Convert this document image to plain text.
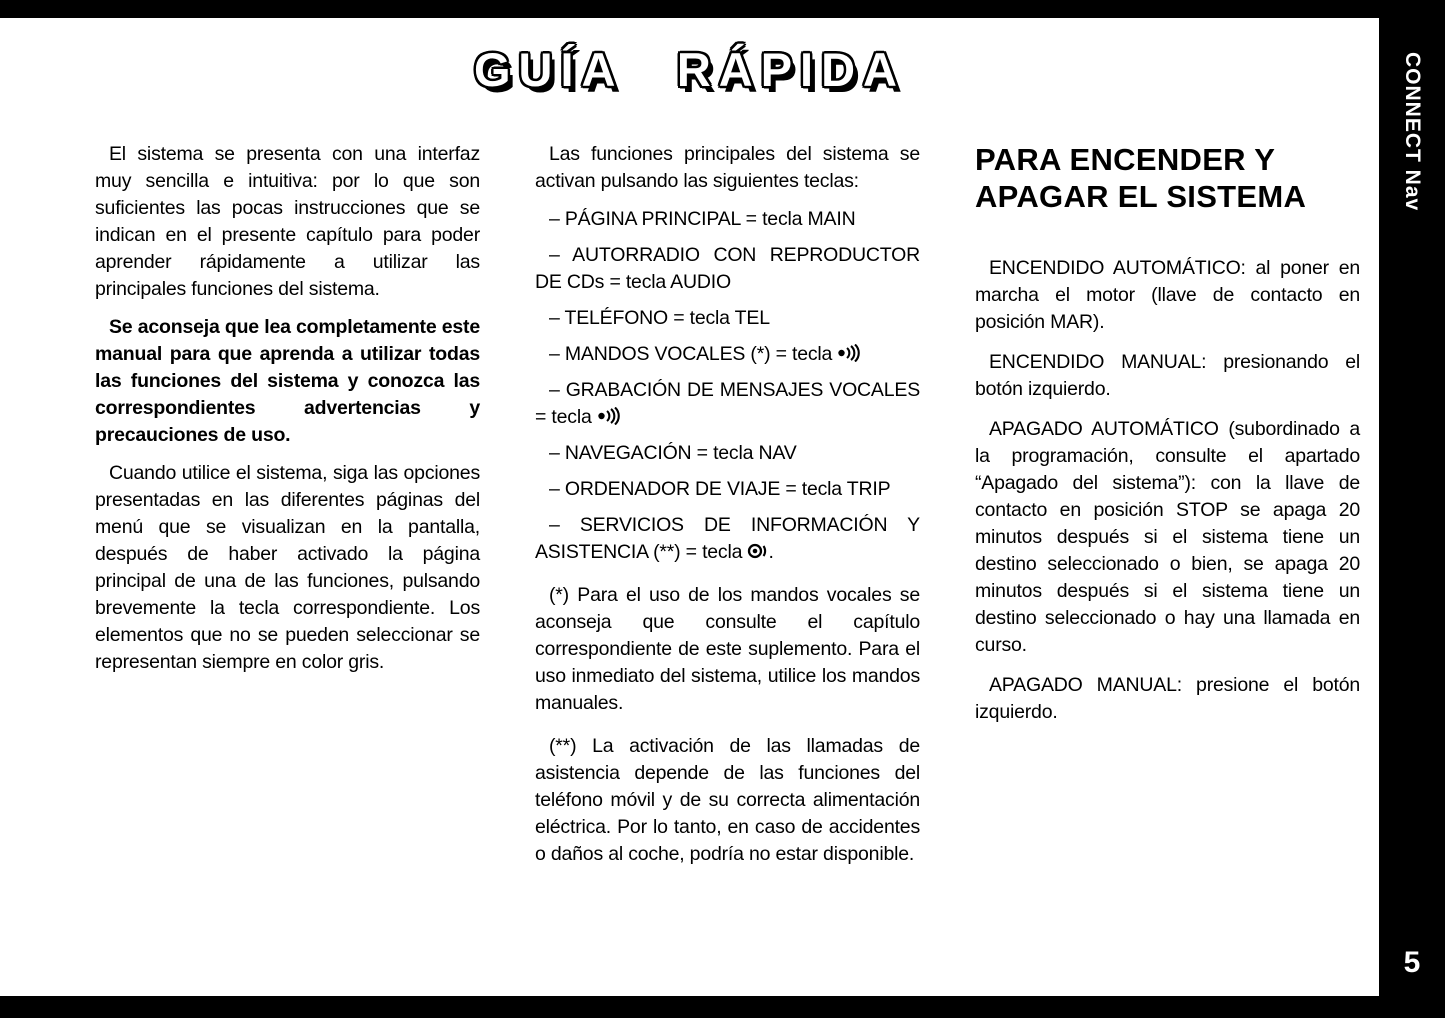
CONNECT Nav
5
GUÍA RÁPIDA

El sistema se presenta con una interfaz muy sencilla e intuitiva: por lo que son suficientes las pocas instrucciones que se indican en el presente capítulo para poder aprender rápidamente a utilizar las principales funciones del sistema.

Se aconseja que lea completamente este manual para que aprenda a utilizar todas las funciones del sistema y conozca las correspondientes advertencias y precauciones de uso.

Cuando utilice el sistema, siga las opciones presentadas en las diferentes páginas del menú que se visualizan en la pantalla, después de haber activado la página principal de una de las funciones, pulsando brevemente la tecla correspondiente. Los elementos que no se pueden seleccionar se representan siempre en color gris.

Las funciones principales del sistema se activan pulsando las siguientes teclas:

– PÁGINA PRINCIPAL = tecla MAIN

– AUTORRADIO CON REPRODUCTOR DE CDs = tecla AUDIO

– TELÉFONO = tecla TEL

– MANDOS VOCALES (*) = tecla

– GRABACIÓN DE MENSAJES VOCALES = tecla

– NAVEGACIÓN = tecla NAV

– ORDENADOR DE VIAJE = tecla TRIP

– SERVICIOS DE INFORMACIÓN Y ASISTENCIA (**) = tecla
.

(*) Para el uso de los mandos vocales se aconseja que consulte el capítulo correspondiente de este suplemento. Para el uso inmediato del sistema, utilice los mandos manuales.

(**) La activación de las llamadas de asistencia depende de las funciones del teléfono móvil y de su correcta alimentación eléctrica. Por lo tanto, en caso de accidentes o daños al coche, podría no estar disponible.

PARA ENCENDER Y APAGAR EL SISTEMA

ENCENDIDO AUTOMÁTICO: al poner en marcha el motor (llave de contacto en posición MAR).

ENCENDIDO MANUAL: presionando el botón izquierdo.

APAGADO AUTOMÁTICO (subordinado a la programación, consulte el apartado “Apagado del sistema”): con la llave de contacto en posición STOP se apaga 20 minutos después si el sistema tiene un destino seleccionado o bien, se apaga 20 minutos después si el sistema tiene un destino seleccionado o hay una llamada en curso.

APAGADO MANUAL: presione el botón izquierdo.
